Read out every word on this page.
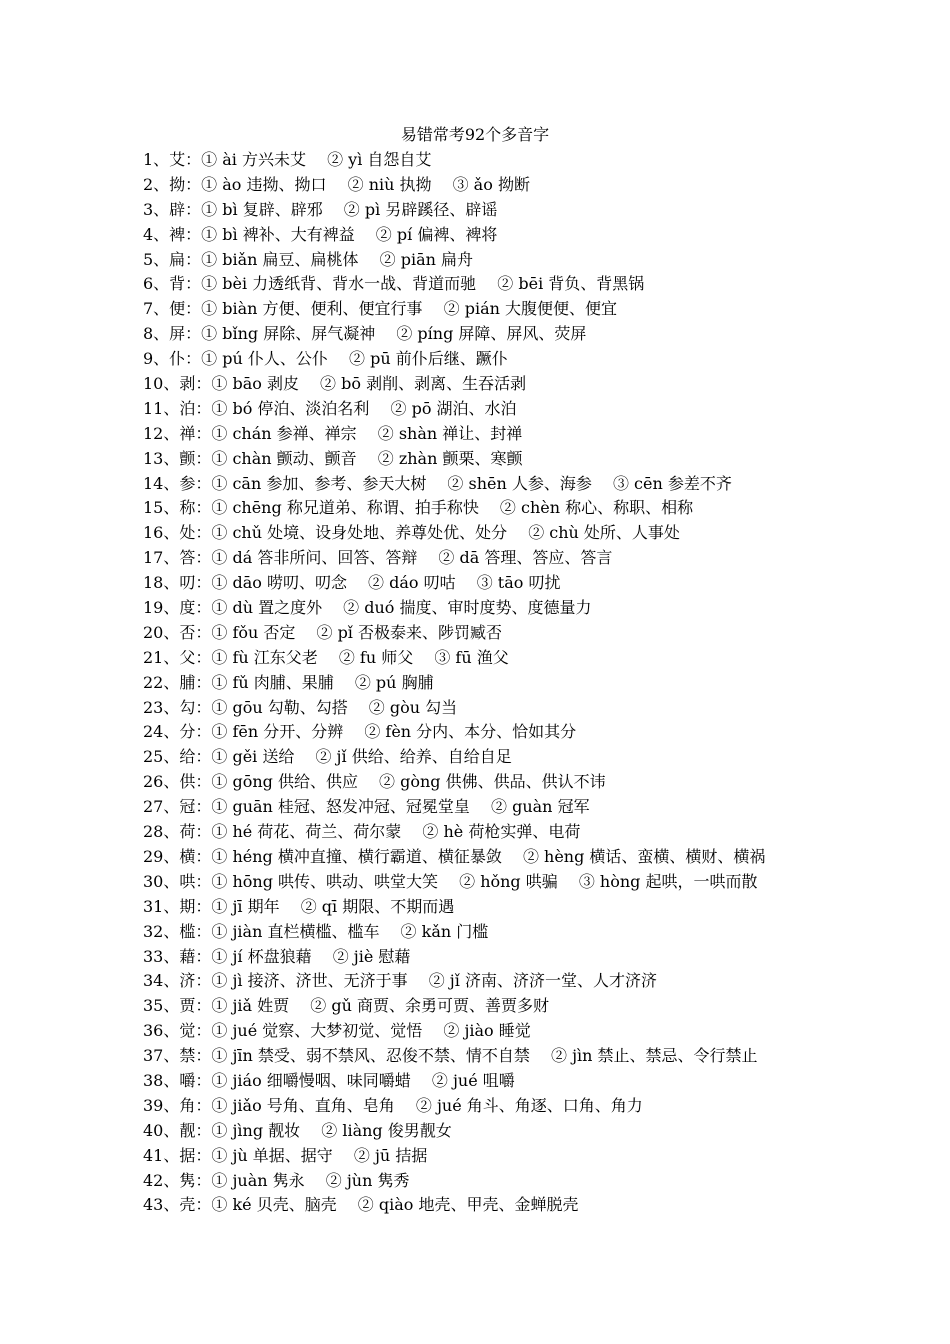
易错常考92个多音字
1、艾：① ài 方兴未艾　 ② yì 自怨自艾
2、拗：① ào 违拗、拗口　 ② niù 执拗　 ③ ǎo 拗断
3、辟：① bì 复辟、辟邪　 ② pì 另辟蹊径、辟谣
4、裨：① bì 裨补、大有裨益　 ② pí 偏裨、裨将
5、扁：① biǎn 扁豆、扁桃体　 ② piān 扁舟
6、背：① bèi 力透纸背、背水一战、背道而驰　 ② bēi 背负、背黑锅
7、便：① biàn 方便、便利、便宜行事　 ② pián 大腹便便、便宜
8、屏：① bǐng 屏除、屏气凝神　 ② píng 屏障、屏风、荧屏
9、仆：① pú 仆人、公仆　 ② pū 前仆后继、蹶仆
10、剥：① bāo 剥皮　 ② bō 剥削、剥离、生吞活剥
11、泊：① bó 停泊、淡泊名利　 ② pō 湖泊、水泊
12、禅：① chán 参禅、禅宗　 ② shàn 禅让、封禅
13、颤：① chàn 颤动、颤音　 ② zhàn 颤栗、寒颤
14、参：① cān 参加、参考、参天大树　 ② shēn 人参、海参　 ③ cēn 参差不齐
15、称：① chēng 称兄道弟、称谓、拍手称快　 ② chèn 称心、称职、相称
16、处：① chǔ 处境、设身处地、养尊处优、处分　 ② chù 处所、人事处
17、答：① dá 答非所问、回答、答辩　 ② dā 答理、答应、答言
18、叨：① dāo 唠叨、叨念　 ② dáo 叨咕　 ③ tāo 叨扰
19、度：① dù 置之度外　 ② duó 揣度、审时度势、度德量力
20、否：① fǒu 否定　 ② pǐ 否极泰来、陟罚臧否
21、父：① fù 江东父老　 ② fu 师父　 ③ fū 渔父
22、脯：① fǔ 肉脯、果脯　 ② pú 胸脯
23、勾：① gōu 勾勒、勾搭　 ② gòu 勾当
24、分：① fēn 分开、分辨　 ② fèn 分内、本分、恰如其分
25、给：① gěi 送给　 ② jǐ 供给、给养、自给自足
26、供：① gōng 供给、供应　 ② gòng 供佛、供品、供认不讳
27、冠：① guān 桂冠、怒发冲冠、冠冕堂皇　 ② guàn 冠军
28、荷：① hé 荷花、荷兰、荷尔蒙　 ② hè 荷枪实弹、电荷
29、横：① héng 横冲直撞、横行霸道、横征暴敛　 ② hèng 横话、蛮横、横财、横祸
30、哄：① hōng 哄传、哄动、哄堂大笑　 ② hǒng 哄骗　 ③ hòng 起哄，一哄而散
31、期：① jī 期年　 ② qī 期限、不期而遇
32、槛：① jiàn 直栏横槛、槛车　 ② kǎn 门槛
33、藉：① jí 杯盘狼藉　 ② jiè 慰藉
34、济：① jì 接济、济世、无济于事　 ② jǐ 济南、济济一堂、人才济济
35、贾：① jiǎ 姓贾　 ② gǔ 商贾、余勇可贾、善贾多财
36、觉：① jué 觉察、大梦初觉、觉悟　 ② jiào 睡觉
37、禁：① jīn 禁受、弱不禁风、忍俊不禁、情不自禁　 ② jìn 禁止、禁忌、令行禁止
38、嚼：① jiáo 细嚼慢咽、味同嚼蜡　 ② jué 咀嚼
39、角：① jiǎo 号角、直角、皂角　 ② jué 角斗、角逐、口角、角力
40、靓：① jìng 靓妆　 ② liàng 俊男靓女
41、据：① jù 单据、据守　 ② jū 拮据
42、隽：① juàn 隽永　 ② jùn 隽秀
43、壳：① ké 贝壳、脑壳　 ② qiào 地壳、甲壳、金蝉脱壳
